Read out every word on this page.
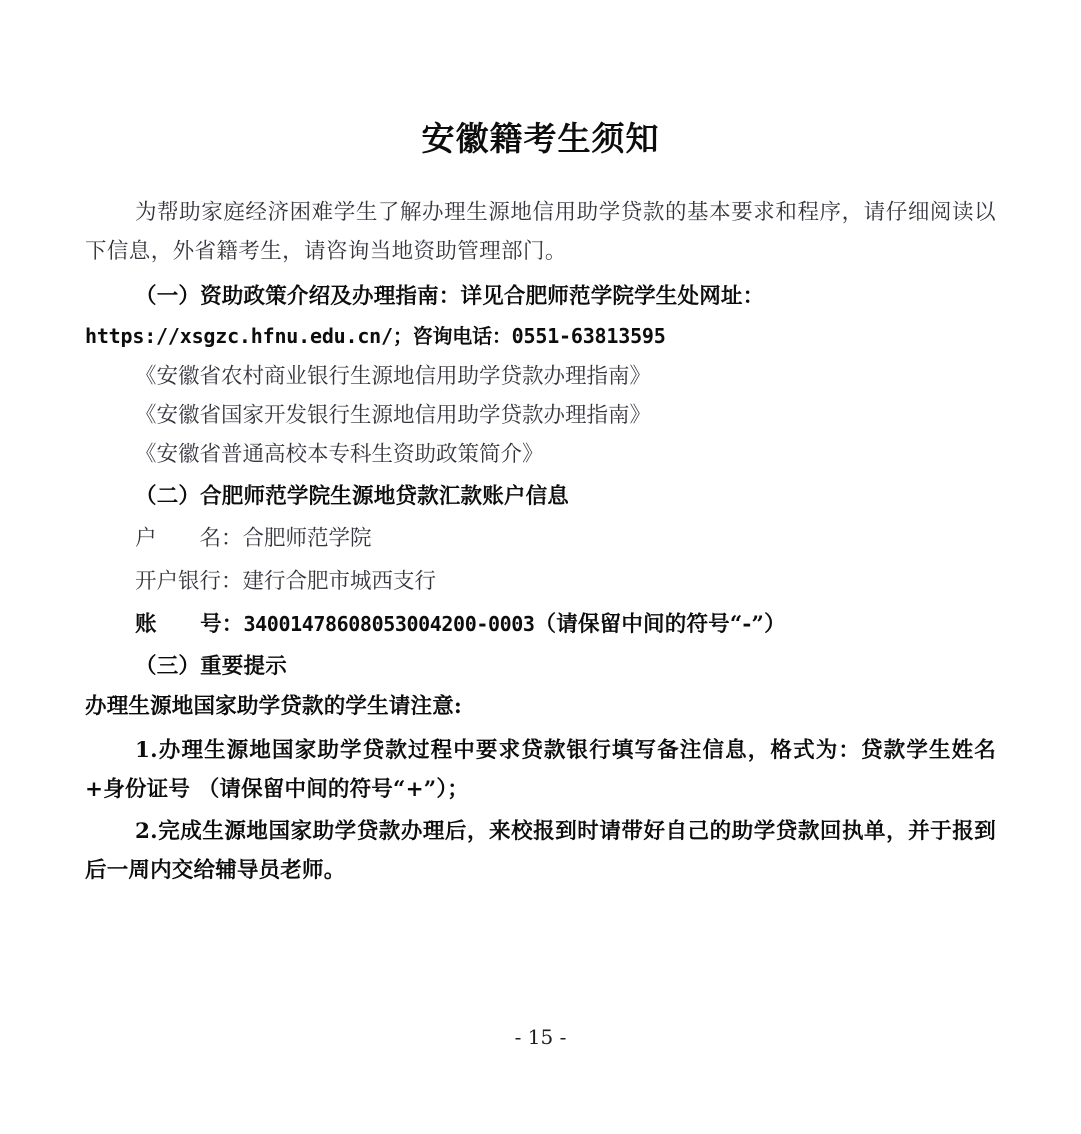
安徽籍考生须知
为帮助家庭经济困难学生了解办理生源地信用助学贷款的基本要求和程序，请仔细阅读以下信息，外省籍考生，请咨询当地资助管理部门。
（一）资助政策介绍及办理指南：详见合肥师范学院学生处网址：
https://xsgzc.hfnu.edu.cn/；咨询电话：0551-63813595
《安徽省农村商业银行生源地信用助学贷款办理指南》
《安徽省国家开发银行生源地信用助学贷款办理指南》
《安徽省普通高校本专科生资助政策简介》
（二）合肥师范学院生源地贷款汇款账户信息
户　　名：合肥师范学院
开户银行：建行合肥市城西支行
账　　号：34001478608053004200-0003（请保留中间的符号“-”）
（三）重要提示
办理生源地国家助学贷款的学生请注意:
1.办理生源地国家助学贷款过程中要求贷款银行填写备注信息，格式为：贷款学生姓名+身份证号 （请保留中间的符号“+”）；
2.完成生源地国家助学贷款办理后，来校报到时请带好自己的助学贷款回执单，并于报到后一周内交给辅导员老师。
- 15 -
